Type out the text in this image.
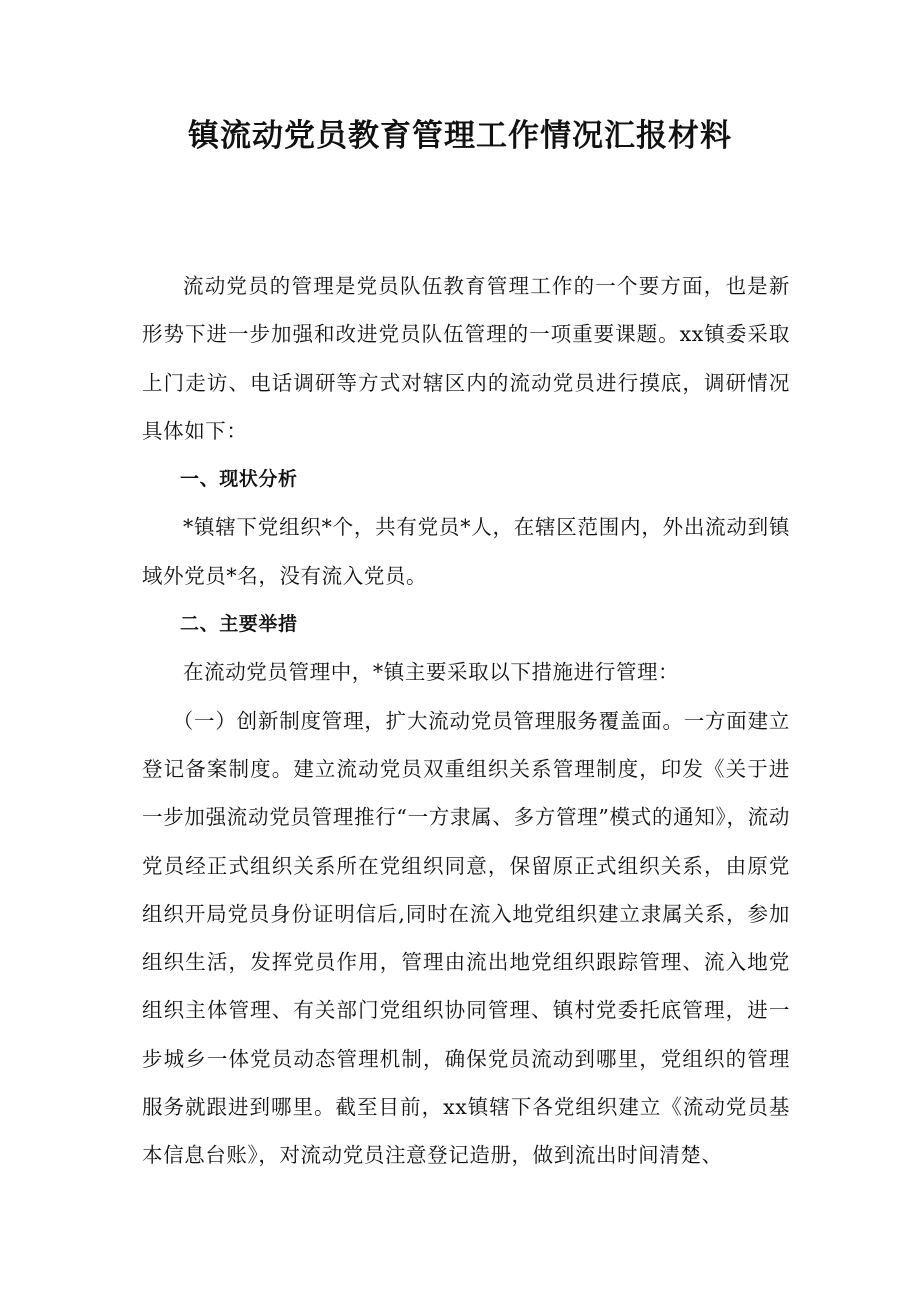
镇流动党员教育管理工作情况汇报材料

流动党员的管理是党员队伍教育管理工作的一个要方面，也是新形势下进一步加强和改进党员队伍管理的一项重要课题。xx镇委采取上门走访、电话调研等方式对辖区内的流动党员进行摸底，调研情况具体如下：

一、现状分析

*镇辖下党组织*个，共有党员*人，在辖区范围内，外出流动到镇域外党员*名，没有流入党员。

二、主要举措

在流动党员管理中，*镇主要采取以下措施进行管理：

（一）创新制度管理，扩大流动党员管理服务覆盖面。一方面建立登记备案制度。建立流动党员双重组织关系管理制度，印发《关于进一步加强流动党员管理推行“一方隶属、多方管理”模式的通知》，流动党员经正式组织关系所在党组织同意，保留原正式组织关系，由原党组织开局党员身份证明信后,同时在流入地党组织建立隶属关系，参加组织生活，发挥党员作用，管理由流出地党组织跟踪管理、流入地党组织主体管理、有关部门党组织协同管理、镇村党委托底管理，进一步城乡一体党员动态管理机制，确保党员流动到哪里，党组织的管理服务就跟进到哪里。截至目前，xx镇辖下各党组织建立《流动党员基本信息台账》，对流动党员注意登记造册，做到流出时间清楚、
